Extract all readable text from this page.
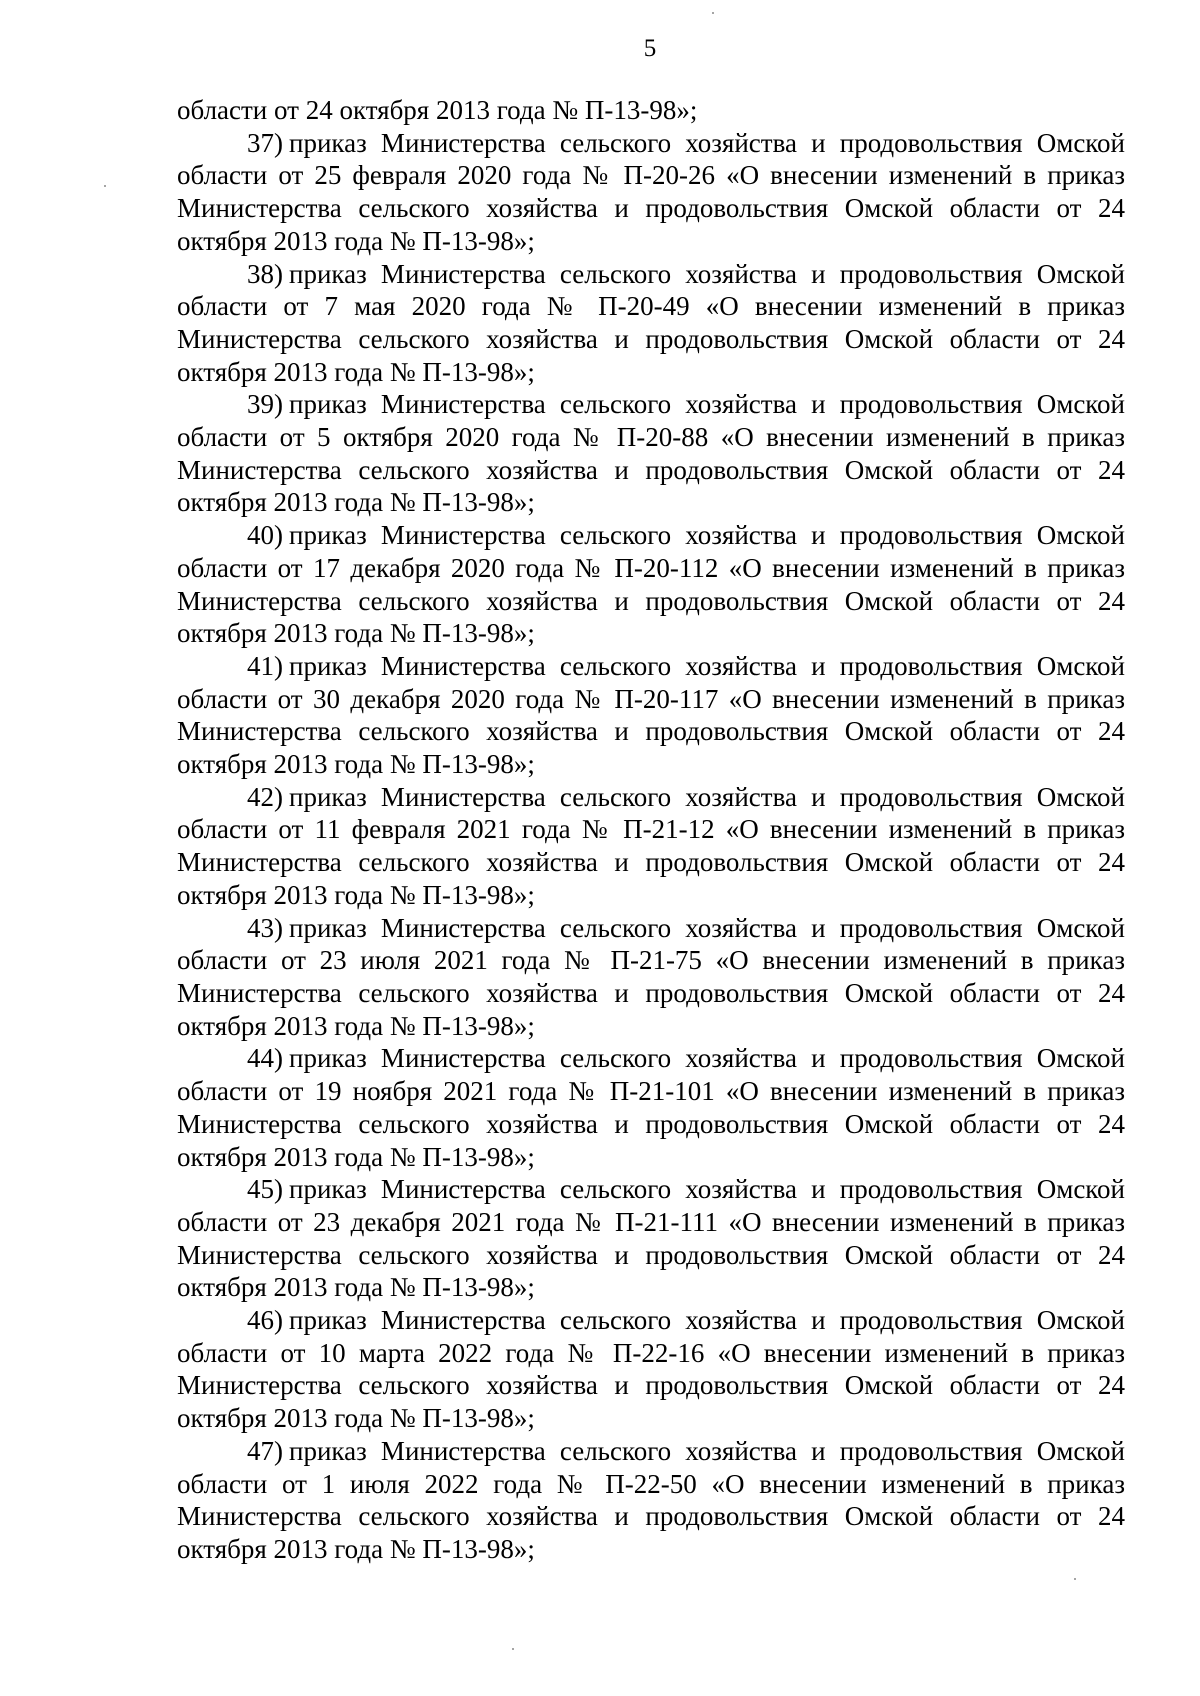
5

области от 24 октября 2013 года № П-13-98»;

37) приказ Министерства сельского хозяйства и продовольствия Омской области от 25 февраля 2020 года № П-20-26 «О внесении изменений в приказ Министерства сельского хозяйства и продовольствия Омской области от 24 октября 2013 года № П-13-98»;

38) приказ Министерства сельского хозяйства и продовольствия Омской области от 7 мая 2020 года № П-20-49 «О внесении изменений в приказ Министерства сельского хозяйства и продовольствия Омской области от 24 октября 2013 года № П-13-98»;

39) приказ Министерства сельского хозяйства и продовольствия Омской области от 5 октября 2020 года № П-20-88 «О внесении изменений в приказ Министерства сельского хозяйства и продовольствия Омской области от 24 октября 2013 года № П-13-98»;

40) приказ Министерства сельского хозяйства и продовольствия Омской области от 17 декабря 2020 года № П-20-112 «О внесении изменений в приказ Министерства сельского хозяйства и продовольствия Омской области от 24 октября 2013 года № П-13-98»;

41) приказ Министерства сельского хозяйства и продовольствия Омской области от 30 декабря 2020 года № П-20-117 «О внесении изменений в приказ Министерства сельского хозяйства и продовольствия Омской области от 24 октября 2013 года № П-13-98»;

42) приказ Министерства сельского хозяйства и продовольствия Омской области от 11 февраля 2021 года № П-21-12 «О внесении изменений в приказ Министерства сельского хозяйства и продовольствия Омской области от 24 октября 2013 года № П-13-98»;

43) приказ Министерства сельского хозяйства и продовольствия Омской области от 23 июля 2021 года № П-21-75 «О внесении изменений в приказ Министерства сельского хозяйства и продовольствия Омской области от 24 октября 2013 года № П-13-98»;

44) приказ Министерства сельского хозяйства и продовольствия Омской области от 19 ноября 2021 года № П-21-101 «О внесении изменений в приказ Министерства сельского хозяйства и продовольствия Омской области от 24 октября 2013 года № П-13-98»;

45) приказ Министерства сельского хозяйства и продовольствия Омской области от 23 декабря 2021 года № П-21-111 «О внесении изменений в приказ Министерства сельского хозяйства и продовольствия Омской области от 24 октября 2013 года № П-13-98»;

46) приказ Министерства сельского хозяйства и продовольствия Омской области от 10 марта 2022 года № П-22-16 «О внесении изменений в приказ Министерства сельского хозяйства и продовольствия Омской области от 24 октября 2013 года № П-13-98»;

47) приказ Министерства сельского хозяйства и продовольствия Омской области от 1 июля 2022 года № П-22-50 «О внесении изменений в приказ Министерства сельского хозяйства и продовольствия Омской области от 24 октября 2013 года № П-13-98»;
